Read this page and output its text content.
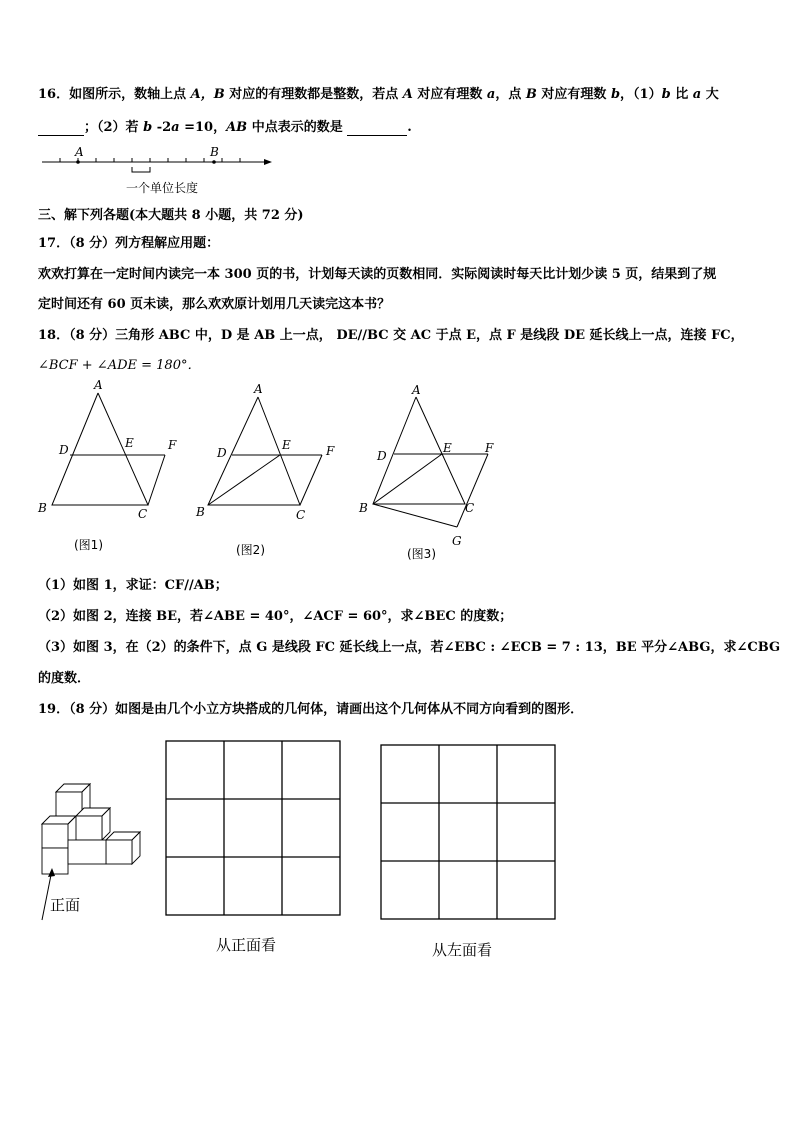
16．如图所示，数轴上点 A，B 对应的有理数都是整数，若点 A 对应有理数 a，点 B 对应有理数 b，（1）b 比 a 大
；（2）若 b -2a =10，AB 中点表示的数是	.
A	B
一个单位长度
三、解下列各题(本大题共 8 小题，共 72 分)
17．（8 分）列方程解应用题：
欢欢打算在一定时间内读完一本 300 页的书，计划每天读的页数相同．实际阅读时每天比计划少读 5 页，结果到了规
定时间还有 60 页未读，那么欢欢原计划用几天读完这本书？
18．（8 分）三角形 ABC 中，D 是 AB 上一点， DE//BC 交 AC 于点 E，点 F 是线段 DE 延长线上一点，连接 FC，
∠BCF + ∠ADE = 180°．
A
D	E	F
B	C
(图1)
A
D
E	F
B	C
(图2)
A
D
E	F
B	C
G
(图3)
（1）如图 1，求证：CF//AB；
（2）如图 2，连接 BE，若∠ABE = 40°，∠ACF = 60°，求∠BEC 的度数；
（3）如图 3，在（2）的条件下，点 G 是线段 FC 延长线上一点，若∠EBC : ∠ECB = 7 : 13，BE 平分∠ABG，求∠CBG
的度数．
19．（8 分）如图是由几个小立方块搭成的几何体，请画出这个几何体从不同方向看到的图形．
正面
从正面看	从左面看
